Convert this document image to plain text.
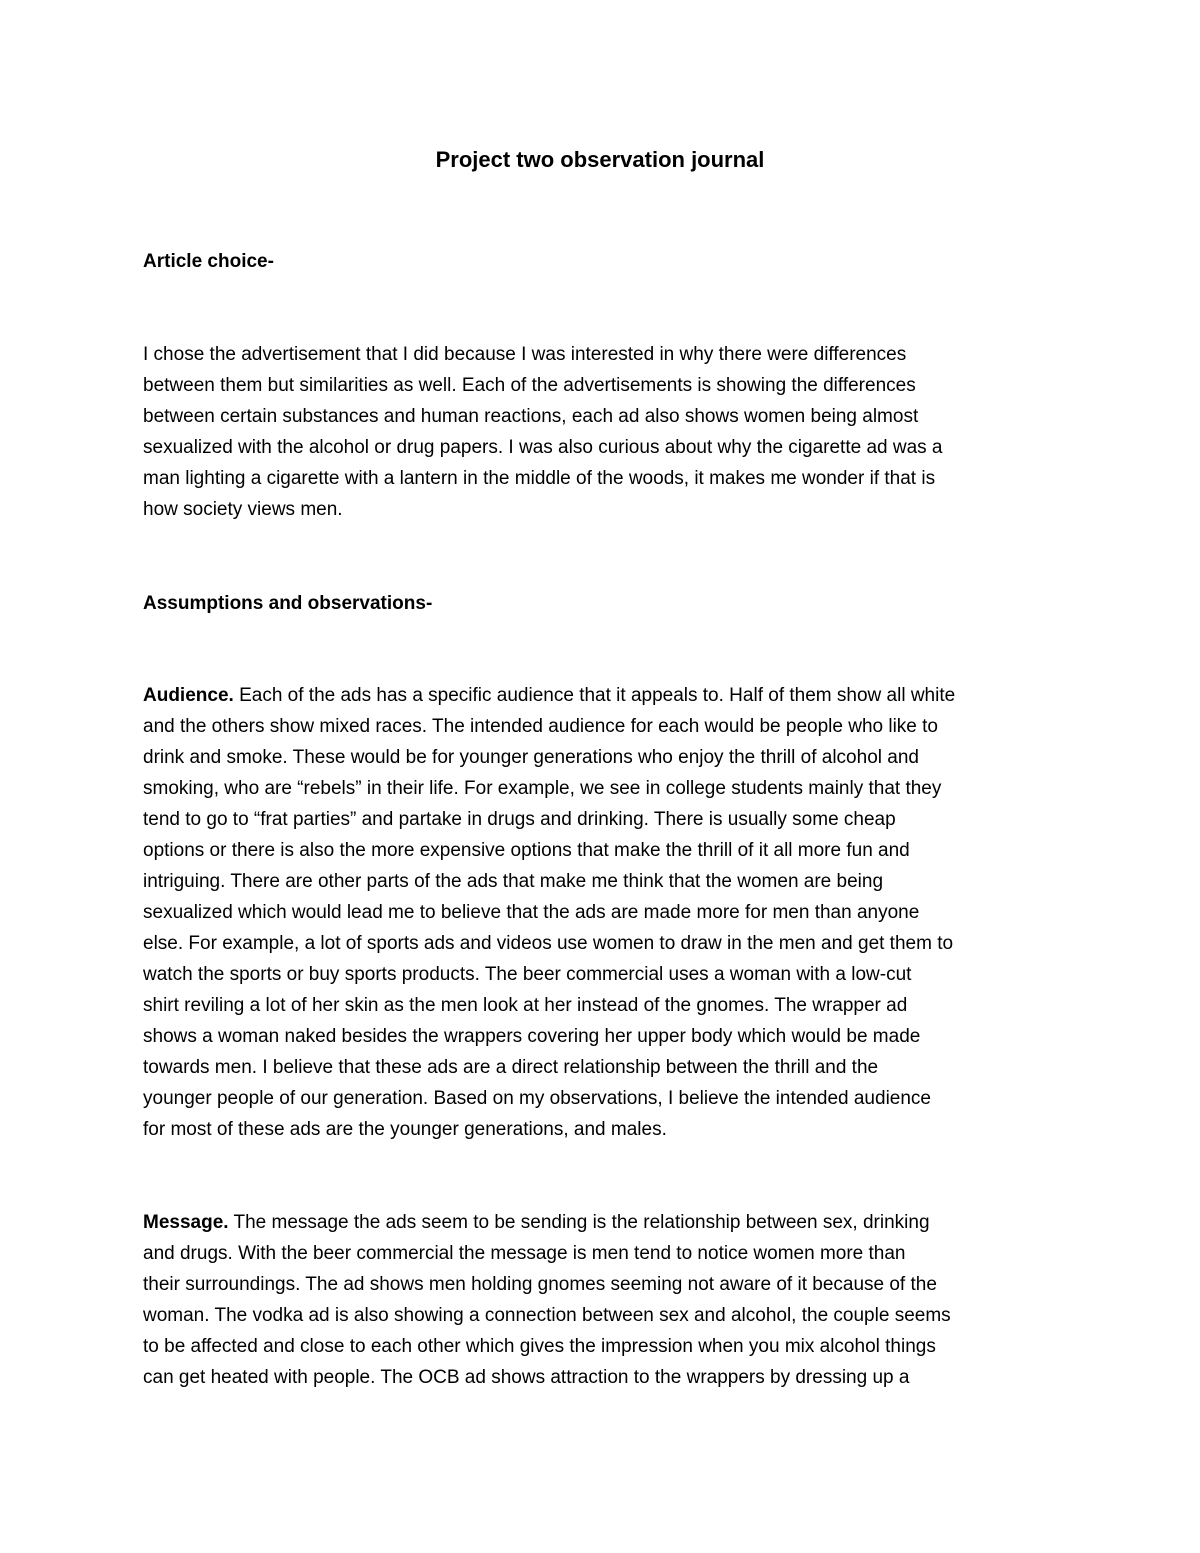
Project two observation journal
Article choice-
I chose the advertisement that I did because I was interested in why there were differences
between them but similarities as well. Each of the advertisements is showing the differences
between certain substances and human reactions, each ad also shows women being almost
sexualized with the alcohol or drug papers. I was also curious about why the cigarette ad was a
man lighting a cigarette with a lantern in the middle of the woods, it makes me wonder if that is
how society views men.
Assumptions and observations-
Audience. Each of the ads has a specific audience that it appeals to. Half of them show all white
and the others show mixed races. The intended audience for each would be people who like to
drink and smoke. These would be for younger generations who enjoy the thrill of alcohol and
smoking, who are “rebels” in their life. For example, we see in college students mainly that they
tend to go to “frat parties” and partake in drugs and drinking. There is usually some cheap
options or there is also the more expensive options that make the thrill of it all more fun and
intriguing. There are other parts of the ads that make me think that the women are being
sexualized which would lead me to believe that the ads are made more for men than anyone
else. For example, a lot of sports ads and videos use women to draw in the men and get them to
watch the sports or buy sports products. The beer commercial uses a woman with a low-cut
shirt reviling a lot of her skin as the men look at her instead of the gnomes. The wrapper ad
shows a woman naked besides the wrappers covering her upper body which would be made
towards men. I believe that these ads are a direct relationship between the thrill and the
younger people of our generation. Based on my observations, I believe the intended audience
for most of these ads are the younger generations, and males.
Message. The message the ads seem to be sending is the relationship between sex, drinking
and drugs. With the beer commercial the message is men tend to notice women more than
their surroundings. The ad shows men holding gnomes seeming not aware of it because of the
woman. The vodka ad is also showing a connection between sex and alcohol, the couple seems
to be affected and close to each other which gives the impression when you mix alcohol things
can get heated with people. The OCB ad shows attraction to the wrappers by dressing up a
